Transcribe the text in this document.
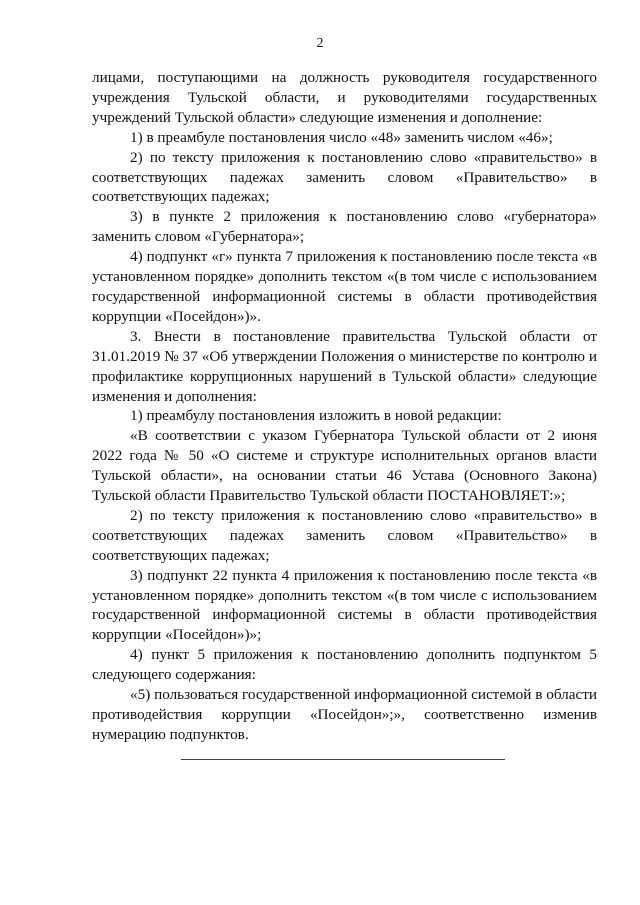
2

лицами, поступающими на должность руководителя государственного учреждения Тульской области, и руководителями государственных учреждений Тульской области» следующие изменения и дополнение:

1) в преамбуле постановления число «48» заменить числом «46»;

2) по тексту приложения к постановлению слово «правительство» в соответствующих падежах заменить словом «Правительство» в соответствующих падежах;

3) в пункте 2 приложения к постановлению слово «губернатора» заменить словом «Губернатора»;

4) подпункт «г» пункта 7 приложения к постановлению после текста «в установленном порядке» дополнить текстом «(в том числе с использованием государственной информационной системы в области противодействия коррупции «Посейдон»)».

3. Внести в постановление правительства Тульской области от 31.01.2019 № 37 «Об утверждении Положения о министерстве по контролю и профилактике коррупционных нарушений в Тульской области» следующие изменения и дополнения:

1) преамбулу постановления изложить в новой редакции:

«В соответствии с указом Губернатора Тульской области от 2 июня 2022 года № 50 «О системе и структуре исполнительных органов власти Тульской области», на основании статьи 46 Устава (Основного Закона) Тульской области Правительство Тульской области ПОСТАНОВЛЯЕТ:»;

2) по тексту приложения к постановлению слово «правительство» в соответствующих падежах заменить словом «Правительство» в соответствующих падежах;

3) подпункт 22 пункта 4 приложения к постановлению после текста «в установленном порядке» дополнить текстом «(в том числе с использованием государственной информационной системы в области противодействия коррупции «Посейдон»)»;

4) пункт 5 приложения к постановлению дополнить подпунктом 5 следующего содержания:

«5) пользоваться государственной информационной системой в области противодействия коррупции «Посейдон»;», соответственно изменив нумерацию подпунктов.
